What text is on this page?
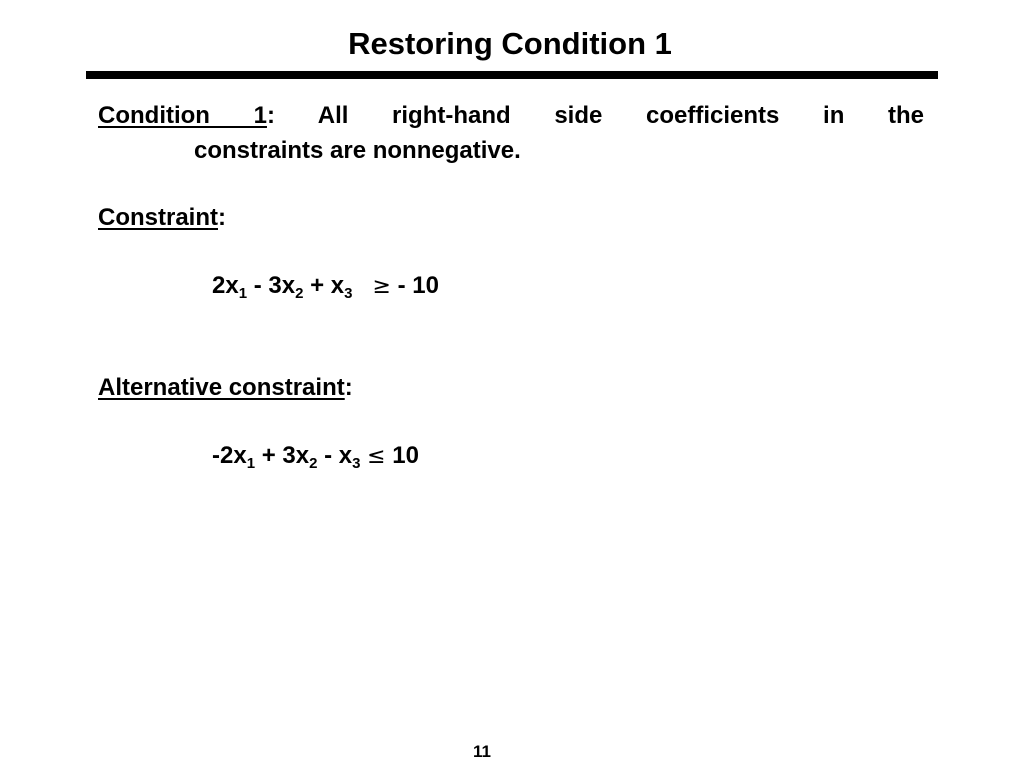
Restoring Condition 1
Condition 1: All right-hand side coefficients in the
constraints are nonnegative.
Constraint:
$2x_1 - 3x_2 + x_3$ ≥ - 10
Alternative constraint:
$-2x_1 + 3x_2 - x_3 \le 10$
11
